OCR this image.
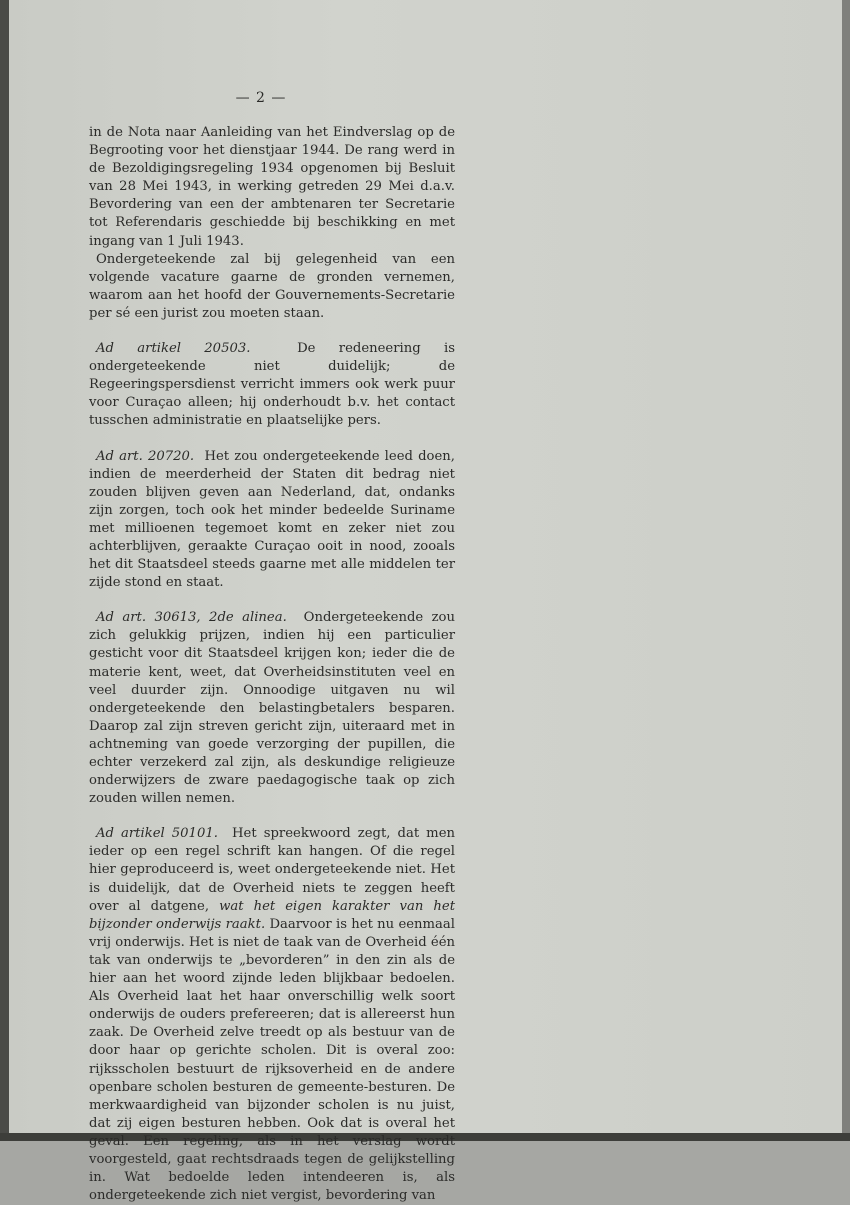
— 2 —

in de Nota naar Aanleiding van het Eindverslag op de Begrooting voor het dienstjaar 1944. De rang werd in de Bezoldigingsregeling 1934 opgenomen bij Besluit van 28 Mei 1943, in werking getreden 29 Mei d.a.v. Bevordering van een der ambtenaren ter Secretarie tot Referendaris geschiedde bij beschikking en met ingang van 1 Juli 1943.

Ondergeteekende zal bij gelegenheid van een volgende vacature gaarne de gronden vernemen, waarom aan het hoofd der Gouvernements-Secretarie per sé een jurist zou moeten staan.

Ad artikel 20503.	De redeneering is ondergeteekende niet duidelijk; de Regeeringspersdienst verricht immers ook werk puur voor Curaçao alleen; hij onderhoudt b.v. het contact tusschen administratie en plaatselijke pers.

Ad art. 20720. Het zou ondergeteekende leed doen, indien de meerderheid der Staten dit bedrag niet zouden blijven geven aan Nederland, dat, ondanks zijn zorgen, toch ook het minder bedeelde Suriname met millioenen tegemoet komt en zeker niet zou achterblijven, geraakte Curaçao ooit in nood, zooals het dit Staatsdeel steeds gaarne met alle middelen ter zijde stond en staat.

Ad art. 30613, 2de alinea. Ondergeteekende zou zich gelukkig prijzen, indien hij een particulier gesticht voor dit Staatsdeel krijgen kon; ieder die de materie kent, weet, dat Overheidsinstituten veel en veel duurder zijn. Onnoodige uitgaven nu wil ondergeteekende den belastingbetalers besparen. Daarop zal zijn streven gericht zijn, uiteraard met in achtneming van goede verzorging der pupillen, die echter verzekerd zal zijn, als deskundige religieuze onderwijzers de zware paedagogische taak op zich zouden willen nemen.

Ad artikel 50101. Het spreekwoord zegt, dat men ieder op een regel schrift kan hangen. Of die regel hier geproduceerd is, weet ondergeteekende niet. Het is duidelijk, dat de Overheid niets te zeggen heeft over al datgene, wat het eigen karakter van het bijzonder onderwijs raakt. Daarvoor is het nu eenmaal vrij onderwijs. Het is niet de taak van de Overheid één tak van onderwijs te „bevorderen” in den zin als de hier aan het woord zijnde leden blijkbaar bedoelen. Als Overheid laat het haar onverschillig welk soort onderwijs de ouders prefereeren; dat is allereerst hun zaak. De Overheid zelve treedt op als bestuur van de door haar op gerichte scholen. Dit is overal zoo: rijksscholen bestuurt de rijksoverheid en de andere openbare scholen besturen de gemeente-besturen. De merkwaardigheid van bijzonder scholen is nu juist, dat zij eigen besturen hebben. Ook dat is overal het geval. Een regeling, als in het verslag wordt voorgesteld, gaat rechtsdraads tegen de gelijkstelling in. Wat bedoelde leden intendeeren is, als ondergeteekende zich niet vergist, bevordering van
